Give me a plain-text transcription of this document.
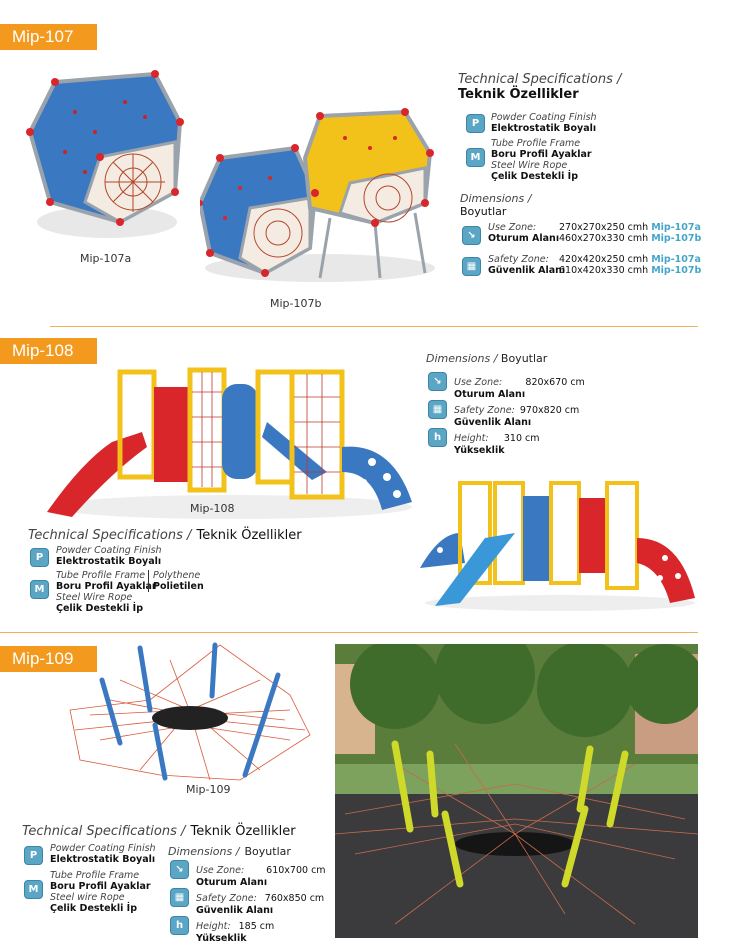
Mip-107
Mip-107a
Mip-107b
Technical Specifications /
Teknik Özellikler
P
Powder Coating Finish
Elektrostatik Boyalı
M
Tube Profile Frame
Boru Profil Ayaklar
Steel Wire Rope
Çelik Destekli İp
Dimensions /
Boyutlar
↘
Use Zone:
Oturum Alanı
270x270x250 cmh Mip-107a
460x270x330 cmh Mip-107b
▦
Safety Zone:
Güvenlik Alanı
420x420x250 cmh Mip-107a
610x420x330 cmh Mip-107b
Mip-108
Mip-108
Dimensions / Boyutlar
↘	Use Zone: 820x670 cm
Oturum Alanı
▦	Safety Zone: 970x820 cm
Güvenlik Alanı
h	Height: 310 cm
Yükseklik
Technical Specifications / Teknik Özellikler
P
Powder Coating Finish
Elektrostatik Boyalı
M
Tube Profile Frame
Boru Profil Ayaklar
Steel Wire Rope
Çelik Destekli İp
Polythene
Polietilen
Mip-109
Mip-109
Technical Specifications / Teknik Özellikler
P
Powder Coating Finish
Elektrostatik Boyalı
M
Tube Profile Frame
Boru Profil Ayaklar
Steel wire Rope
Çelik Destekli İp
Dimensions / Boyutlar
↘	Use Zone: 610x700 cm
Oturum Alanı
▦	Safety Zone: 760x850 cm
Güvenlik Alanı
h	Height: 185 cm
Yükseklik
